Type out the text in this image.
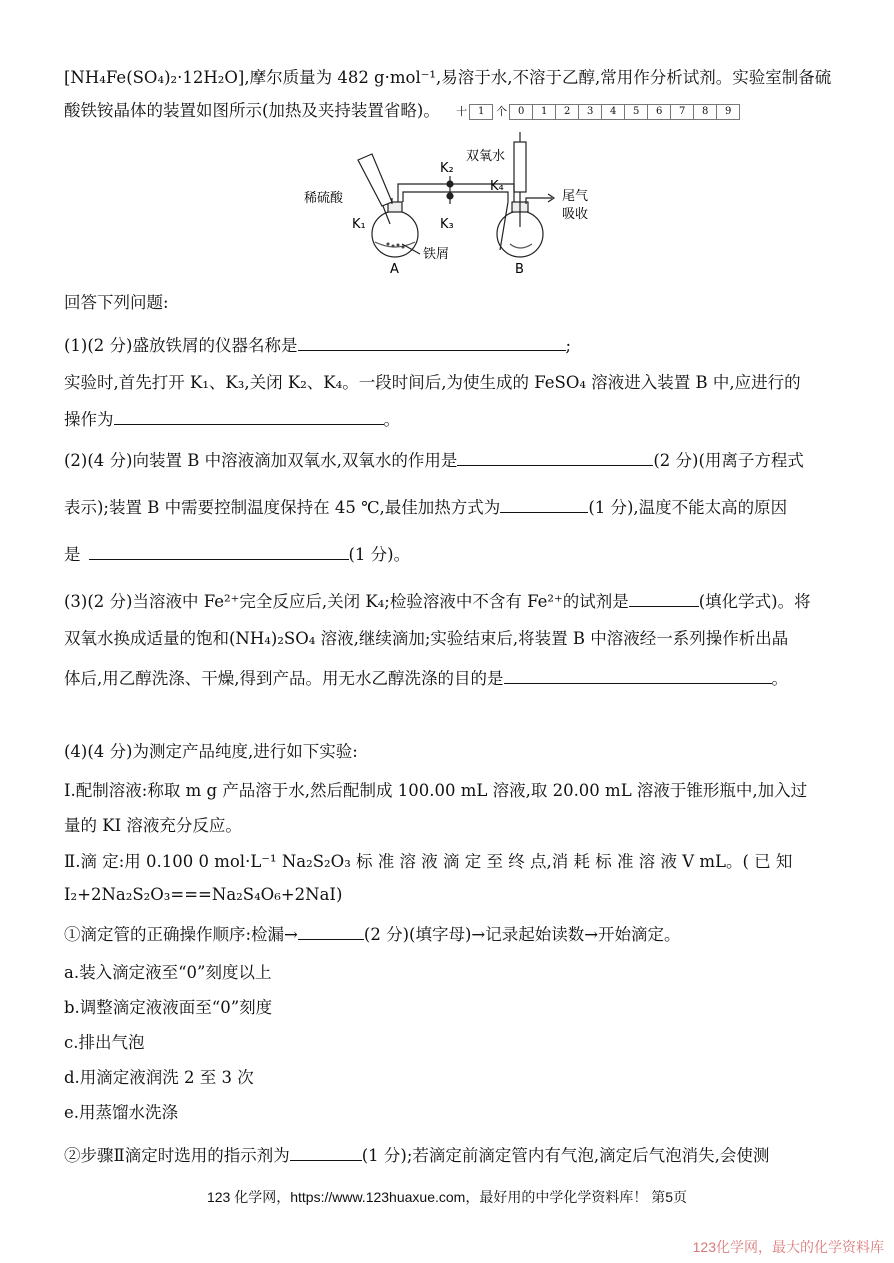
[NH₄Fe(SO₄)₂·12H₂O],摩尔质量为 482 g·mol⁻¹,易溶于水,不溶于乙醇,常用作分析试剂。实验室制备硫
酸铁铵晶体的装置如图所示(加热及夹持装置省略)。 十	1	个	0	1	2	3	4	5	6	7	8	9
稀硫酸
K₁
K₂
K₃
双氧水
K₄
尾气
吸收
铁屑
A	B
回答下列问题:
(1)(2 分)盛放铁屑的仪器名称是	;
实验时,首先打开 K₁、K₃,关闭 K₂、K₄。一段时间后,为使生成的 FeSO₄ 溶液进入装置 B 中,应进行的
操作为	。
(2)(4 分)向装置 B 中溶液滴加双氧水,双氧水的作用是	(2 分)(用离子方程式
表示);装置 B 中需要控制温度保持在 45 ℃,最佳加热方式为	(1 分),温度不能太高的原因
是	(1 分)。
(3)(2 分)当溶液中 Fe²⁺完全反应后,关闭 K₄;检验溶液中不含有 Fe²⁺的试剂是	(填化学式)。将
双氧水换成适量的饱和(NH₄)₂SO₄ 溶液,继续滴加;实验结束后,将装置 B 中溶液经一系列操作析出晶
体后,用乙醇洗涤、干燥,得到产品。用无水乙醇洗涤的目的是	。
(4)(4 分)为测定产品纯度,进行如下实验:
Ⅰ.配制溶液:称取 m g 产品溶于水,然后配制成 100.00 mL 溶液,取 20.00 mL 溶液于锥形瓶中,加入过
量的 KI 溶液充分反应。
Ⅱ.滴 定:用 0.100 0 mol·L⁻¹ Na₂S₂O₃ 标 准 溶 液 滴 定 至 终 点,消 耗 标 准 溶 液 V mL。( 已 知
I₂+2Na₂S₂O₃===Na₂S₄O₆+2NaI)
①滴定管的正确操作顺序:检漏→	(2 分)(填字母)→记录起始读数→开始滴定。
a.装入滴定液至“0”刻度以上
b.调整滴定液液面至“0”刻度
c.排出气泡
d.用滴定液润洗 2 至 3 次
e.用蒸馏水洗涤
②步骤Ⅱ滴定时选用的指示剂为	(1 分);若滴定前滴定管内有气泡,滴定后气泡消失,会使测
123 化学网，https://www.123huaxue.com，最好用的中学化学资料库！ 第5页
123化学网，最大的化学资料库
